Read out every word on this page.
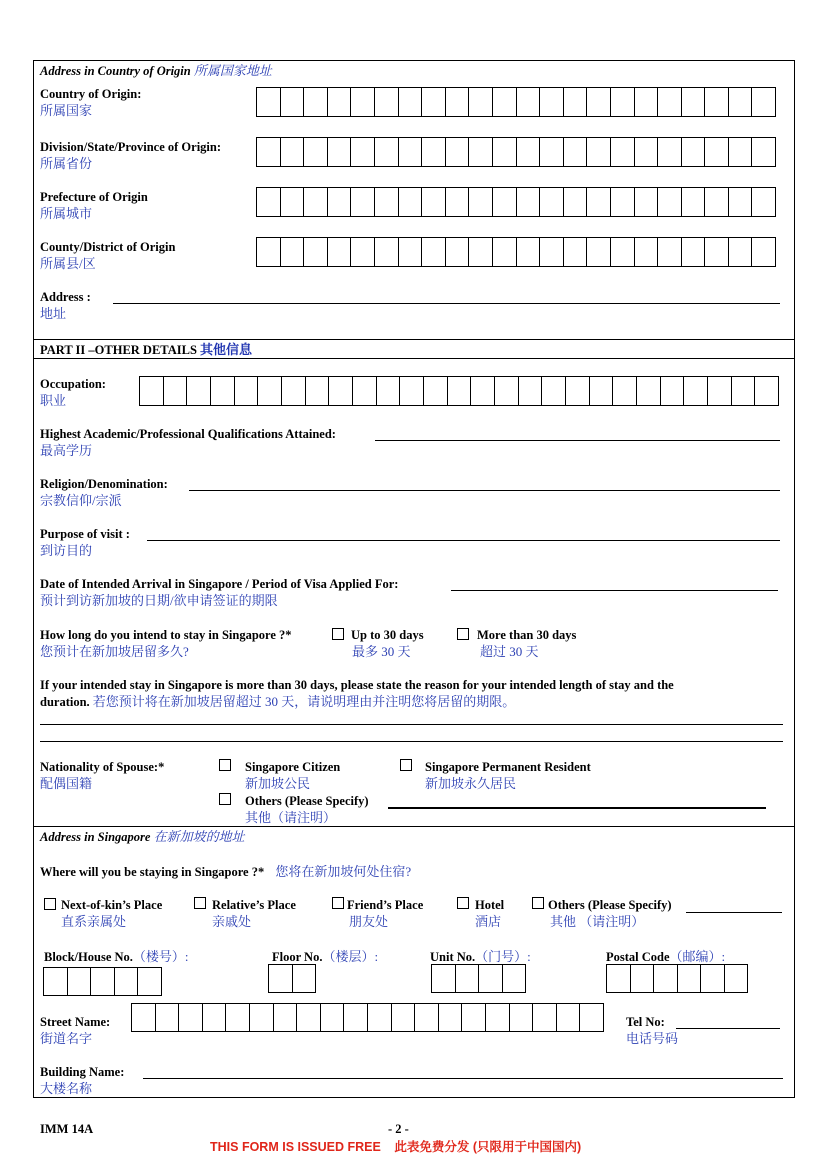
Address in Country of Origin 所属国家地址
Country of Origin:
所属国家
Division/State/Province of Origin:
所属省份
Prefecture of Origin
所属城市
County/District of Origin
所属县/区
Address :
地址
PART II –OTHER DETAILS 其他信息
Occupation:
职业
Highest Academic/Professional Qualifications Attained:
最高学历
Religion/Denomination:
宗教信仰/宗派
Purpose of visit :
到访目的
Date of Intended Arrival in Singapore / Period of Visa Applied For:
预计到访新加坡的日期/欲申请签证的期限
How long do you intend to stay in Singapore ?*
您预计在新加坡居留多久?
Up to 30 days
最多 30 天
More than 30 days
超过 30 天
If your intended stay in Singapore is more than 30 days, please state the reason for your intended length of stay and the
duration. 若您预计将在新加坡居留超过 30 天，请说明理由并注明您将居留的期限。
Nationality of Spouse:*
配偶国籍
Singapore Citizen
新加坡公民
Singapore Permanent Resident
新加坡永久居民
Others (Please Specify)
其他（请注明）
Address in Singapore 在新加坡的地址
Where will you be staying in Singapore ?* 您将在新加坡何处住宿?
Next-of-kin’s Place
直系亲属处
Relative’s Place
亲戚处
Friend’s Place
朋友处
Hotel
酒店
Others (Please Specify)
其他 （请注明）
Block/House No.（楼号）:	Floor No.（楼层）:	Unit No.（门号）:	Postal Code（邮编）:
Street Name:
街道名字
Tel No:
电话号码
Building Name:
大楼名称
IMM 14A	- 2 -
THIS FORM IS ISSUED FREE 此表免费分发 (只限用于中国国内)
